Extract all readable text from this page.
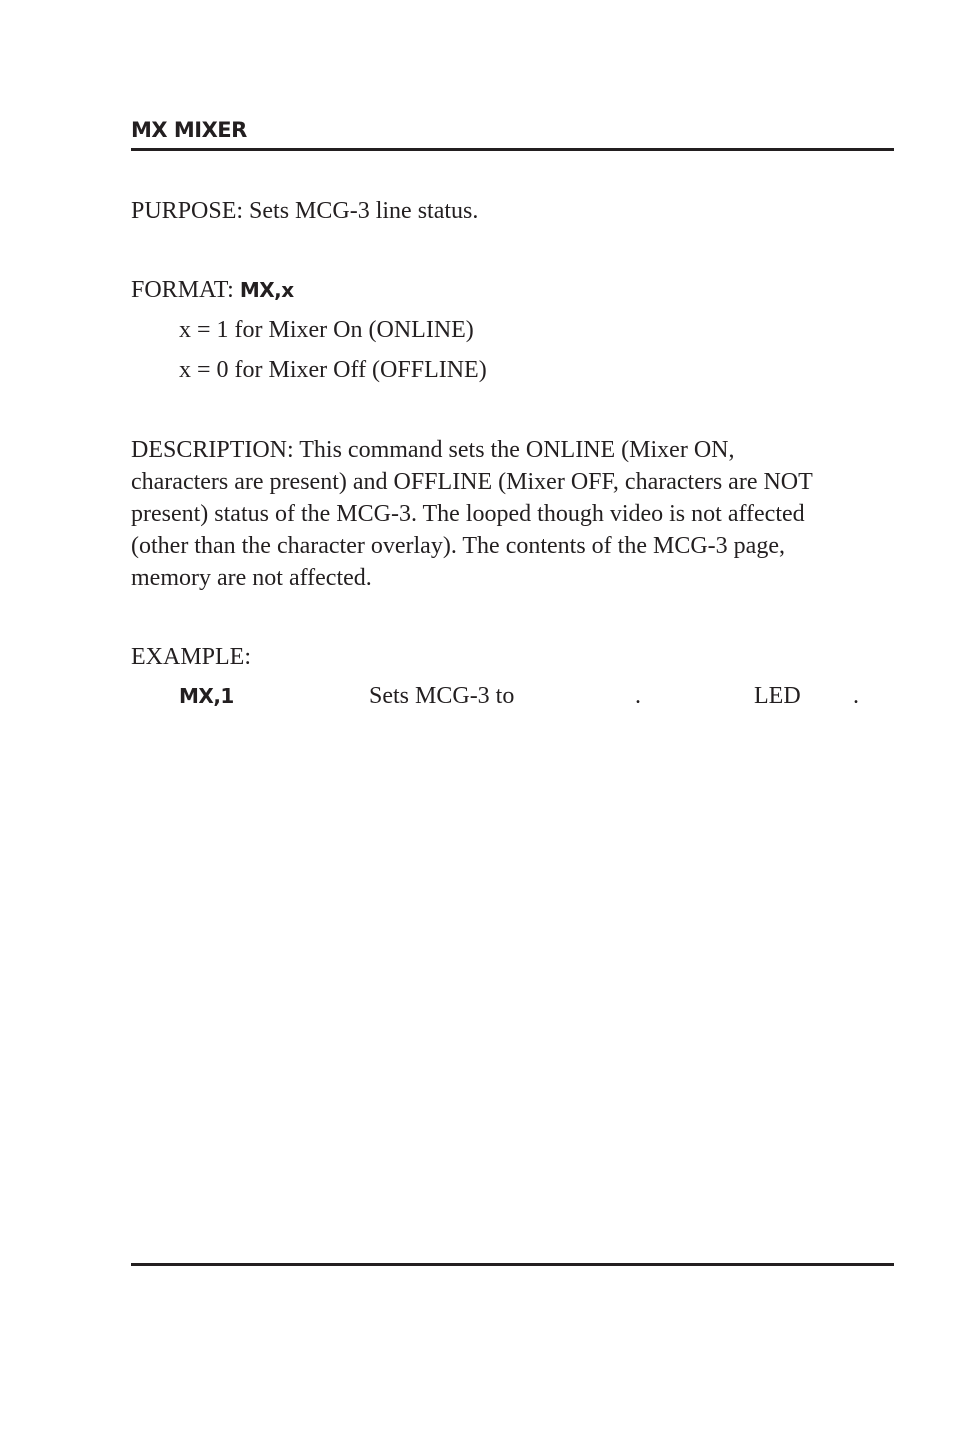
MX MIXER
PURPOSE: Sets MCG-3 line status.
FORMAT: MX,x
x = 1 for Mixer On (ONLINE)
x = 0 for Mixer Off (OFFLINE)
DESCRIPTION: This command sets the ONLINE (Mixer ON,
characters are present) and OFFLINE (Mixer OFF, characters are NOT
present) status of the MCG-3. The looped though video is not affected
(other than the character overlay). The contents of the MCG-3 page,
memory are not affected.
EXAMPLE:
MX,1	Sets MCG-3 to	.	LED .
